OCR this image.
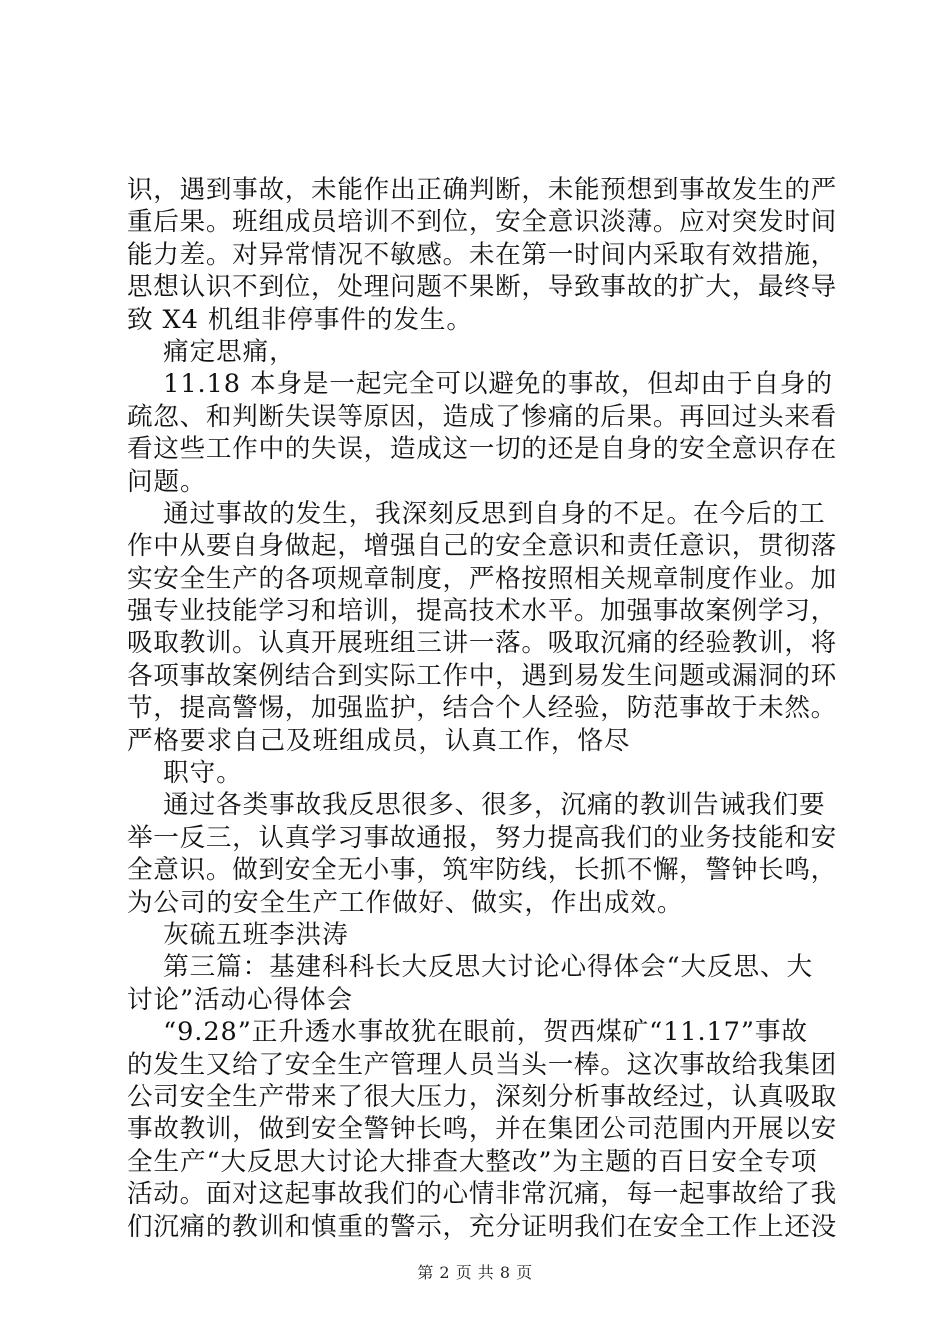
识，遇到事故，未能作出正确判断，未能预想到事故发生的严
重后果。班组成员培训不到位，安全意识淡薄。应对突发时间
能力差。对异常情况不敏感。未在第一时间内采取有效措施，
思想认识不到位，处理问题不果断，导致事故的扩大，最终导
致 X4 机组非停事件的发生。
痛定思痛，
11.18 本身是一起完全可以避免的事故，但却由于自身的
疏忽、和判断失误等原因，造成了惨痛的后果。再回过头来看
看这些工作中的失误，造成这一切的还是自身的安全意识存在
问题。
通过事故的发生，我深刻反思到自身的不足。在今后的工
作中从要自身做起，增强自己的安全意识和责任意识，贯彻落
实安全生产的各项规章制度，严格按照相关规章制度作业。加
强专业技能学习和培训，提高技术水平。加强事故案例学习，
吸取教训。认真开展班组三讲一落。吸取沉痛的经验教训，将
各项事故案例结合到实际工作中，遇到易发生问题或漏洞的环
节，提高警惕，加强监护，结合个人经验，防范事故于未然。
严格要求自己及班组成员，认真工作，恪尽
职守。
通过各类事故我反思很多、很多，沉痛的教训告诫我们要
举一反三，认真学习事故通报，努力提高我们的业务技能和安
全意识。做到安全无小事，筑牢防线，长抓不懈，警钟长鸣，
为公司的安全生产工作做好、做实，作出成效。
灰硫五班李洪涛
第三篇：基建科科长大反思大讨论心得体会“大反思、大
讨论”活动心得体会
“9.28”正升透水事故犹在眼前，贺西煤矿“11.17”事故
的发生又给了安全生产管理人员当头一棒。这次事故给我集团
公司安全生产带来了很大压力，深刻分析事故经过，认真吸取
事故教训，做到安全警钟长鸣，并在集团公司范围内开展以安
全生产“大反思大讨论大排查大整改”为主题的百日安全专项
活动。面对这起事故我们的心情非常沉痛，每一起事故给了我
们沉痛的教训和慎重的警示，充分证明我们在安全工作上还没
第 2 页 共 8 页
